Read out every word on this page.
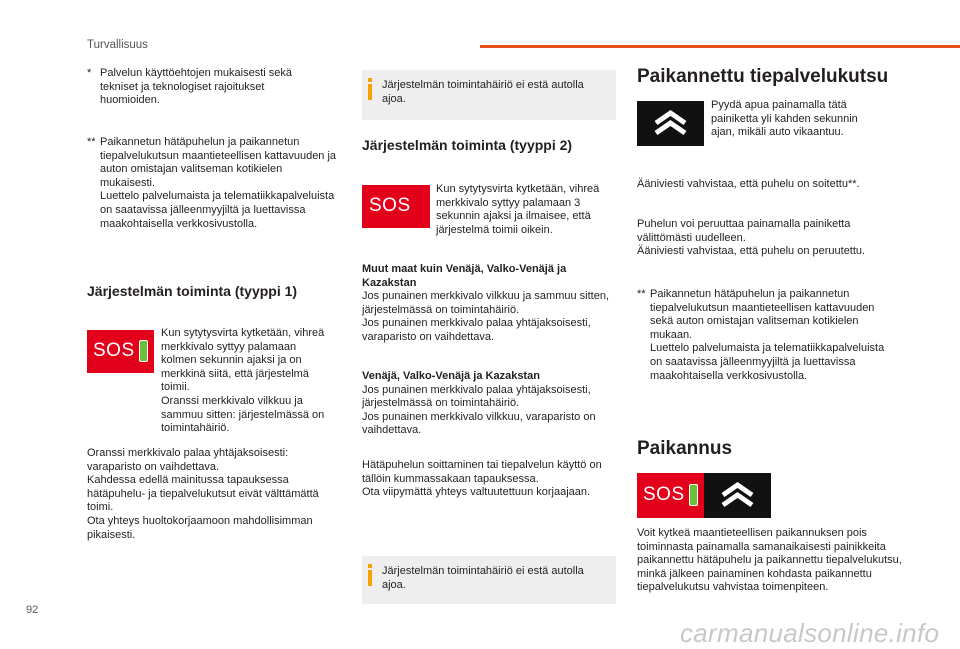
Turvallisuus
* Palvelun käyttöehtojen mukaisesti sekä tekniset ja teknologiset rajoitukset huomioiden.

** Paikannetun hätäpuhelun ja paikannetun tiepalvelukutsun maantieteellisen kattavuuden ja auton omistajan valitseman kotikielen mukaisesti.

Luettelo palvelumaista ja telematiikkapalveluista on saatavissa jälleenmyyjiltä ja luettavissa maakohtaisella verkkosivustolla.

Järjestelmän toiminta (tyyppi 1)
SOS

Kun sytytysvirta kytketään, vihreä merkkivalo syttyy palamaan kolmen sekunnin ajaksi ja on merkkinä siitä, että järjestelmä toimii.

Oranssi merkkivalo vilkkuu ja sammuu sitten: järjestelmässä on toimintahäiriö.

Oranssi merkkivalo palaa yhtäjaksoisesti: varaparisto on vaihdettava.

Kahdessa edellä mainitussa tapauksessa hätäpuhelu- ja tiepalvelukutsut eivät välttämättä toimi.

Ota yhteys huoltokorjaamoon mahdollisimman pikaisesti.

Järjestelmän toimintahäiriö ei estä autolla ajoa.
Järjestelmän toiminta (tyyppi 2)
SOS
Kun sytytysvirta kytketään, vihreä merkkivalo syttyy palamaan 3 sekunnin ajaksi ja ilmaisee, että järjestelmä toimii oikein.

Muut maat kuin Venäjä, Valko-Venäjä ja Kazakstan

Jos punainen merkkivalo vilkkuu ja sammuu sitten, järjestelmässä on toimintahäiriö.

Jos punainen merkkivalo palaa yhtäjaksoisesti, varaparisto on vaihdettava.

Venäjä, Valko-Venäjä ja Kazakstan

Jos punainen merkkivalo palaa yhtäjaksoisesti, järjestelmässä on toimintahäiriö.

Jos punainen merkkivalo vilkkuu, varaparisto on vaihdettava.

Hätäpuhelun soittaminen tai tiepalvelun käyttö on tällöin kummassakaan tapauksessa.

Ota viipymättä yhteys valtuutettuun korjaajaan.

Järjestelmän toimintahäiriö ei estä autolla ajoa.
Paikannettu tiepalvelukutsu
Pyydä apua painamalla tätä painiketta yli kahden sekunnin ajan, mikäli auto vikaantuu.
Ääniviesti vahvistaa, että puhelu on soitettu**.

Puhelun voi peruuttaa painamalla painiketta välittömästi uudelleen.

Ääniviesti vahvistaa, että puhelu on peruutettu.

** Paikannetun hätäpuhelun ja paikannetun tiepalvelukutsun maantieteellisen kattavuuden sekä auton omistajan valitseman kotikielen mukaan.

Luettelo palvelumaista ja telematiikkapalveluista on saatavissa jälleenmyyjiltä ja luettavissa maakohtaisella verkkosivustolla.

Paikannus
SOS
Voit kytkeä maantieteellisen paikannuksen pois toiminnasta painamalla samanaikaisesti painikkeita paikannettu hätäpuhelu ja paikannettu tiepalvelukutsu, minkä jälkeen painaminen kohdasta paikannettu tiepalvelukutsu vahvistaa toimenpiteen.
92
carmanualsonline.info
